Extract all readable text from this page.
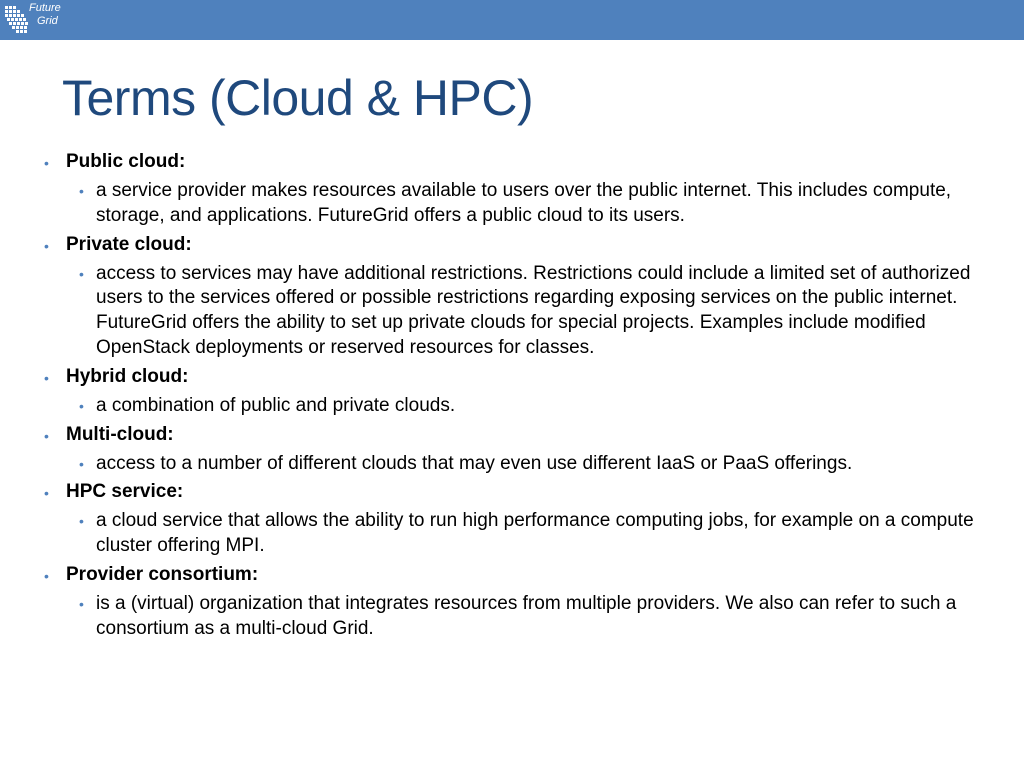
Future
Grid
Terms (Cloud & HPC)
• Public cloud:
• a service provider makes resources available to users over the public internet. This includes compute, storage, and applications. FutureGrid offers a public cloud to its users.
• Private cloud:
• access to services may have additional restrictions. Restrictions could include a limited set of authorized users to the services offered or possible restrictions regarding exposing services on the public internet. FutureGrid offers the ability to set up private clouds for special projects. Examples include modified OpenStack deployments or reserved resources for classes.
• Hybrid cloud:
• a combination of public and private clouds.
• Multi-cloud:
• access to a number of different clouds that may even use different IaaS or PaaS offerings.
• HPC service:
• a cloud service that allows the ability to run high performance computing jobs, for example on a compute cluster offering MPI.
• Provider consortium:
• is a (virtual) organization that integrates resources from multiple providers. We also can refer to such a consortium as a multi-cloud Grid.
